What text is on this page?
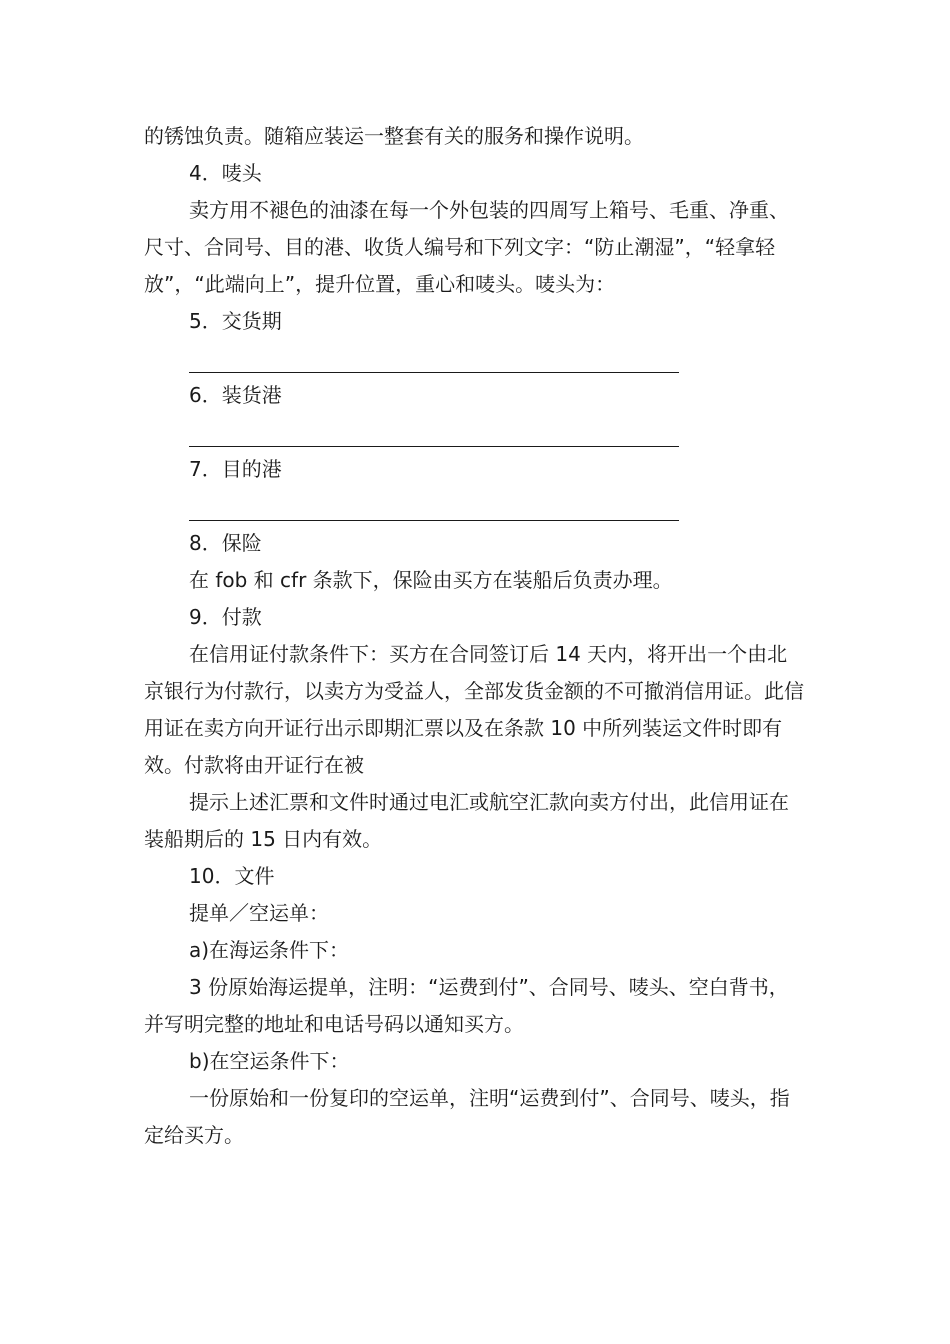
的锈蚀负责。随箱应装运一整套有关的服务和操作说明。

4．唛头

卖方用不褪色的油漆在每一个外包装的四周写上箱号、毛重、净重、尺寸、合同号、目的港、收货人编号和下列文字：“防止潮湿”，“轻拿轻放”，“此端向上”，提升位置，重心和唛头。唛头为：

5．交货期

6．装货港

7．目的港

8．保险

在 fob 和 cfr 条款下，保险由买方在装船后负责办理。

9．付款

在信用证付款条件下：买方在合同签订后 14 天内，将开出一个由北京银行为付款行，以卖方为受益人，全部发货金额的不可撤消信用证。此信用证在卖方向开证行出示即期汇票以及在条款 10 中所列装运文件时即有效。付款将由开证行在被

提示上述汇票和文件时通过电汇或航空汇款向卖方付出，此信用证在装船期后的 15 日内有效。

10．文件

提单／空运单：

a)在海运条件下：

3 份原始海运提单，注明：“运费到付”、合同号、唛头、空白背书，并写明完整的地址和电话号码以通知买方。

b)在空运条件下：

一份原始和一份复印的空运单，注明“运费到付”、合同号、唛头，指定给买方。
